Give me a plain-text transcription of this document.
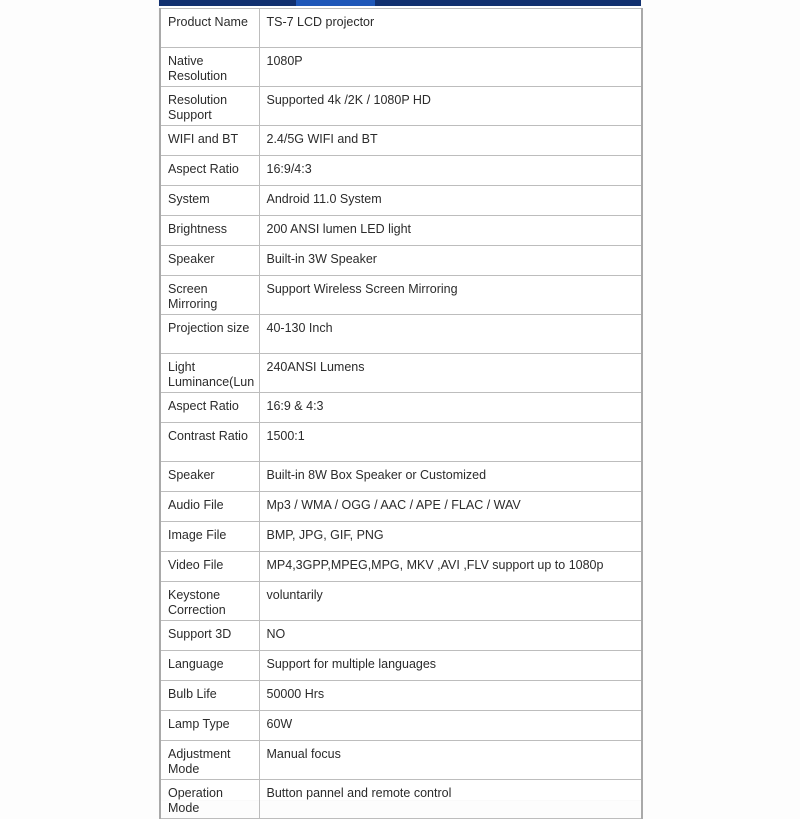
Product Name	TS-7 LCD projector
Native Resolution	1080P
Resolution Support	Supported 4k /2K / 1080P HD
WIFI and BT	2.4/5G WIFI and BT
Aspect Ratio	16:9/4:3
System	Android 11.0 System
Brightness	200 ANSI lumen LED light
Speaker	Built-in 3W Speaker
Screen Mirroring	Support Wireless Screen Mirroring
Projection size	40-130 Inch
Light Luminance(Lun	240ANSI Lumens
Aspect Ratio	16:9 & 4:3
Contrast Ratio	1500:1
Speaker	Built-in 8W Box Speaker or Customized
Audio File	Mp3 / WMA / OGG / AAC / APE / FLAC / WAV
Image File	BMP, JPG, GIF, PNG
Video File	MP4,3GPP,MPEG,MPG, MKV ,AVI ,FLV support up to 1080p
Keystone Correction	voluntarily
Support 3D	NO
Language	Support for multiple languages
Bulb Life	50000 Hrs
Lamp Type	60W
Adjustment Mode	Manual focus
Operation Mode	Button pannel and remote control
